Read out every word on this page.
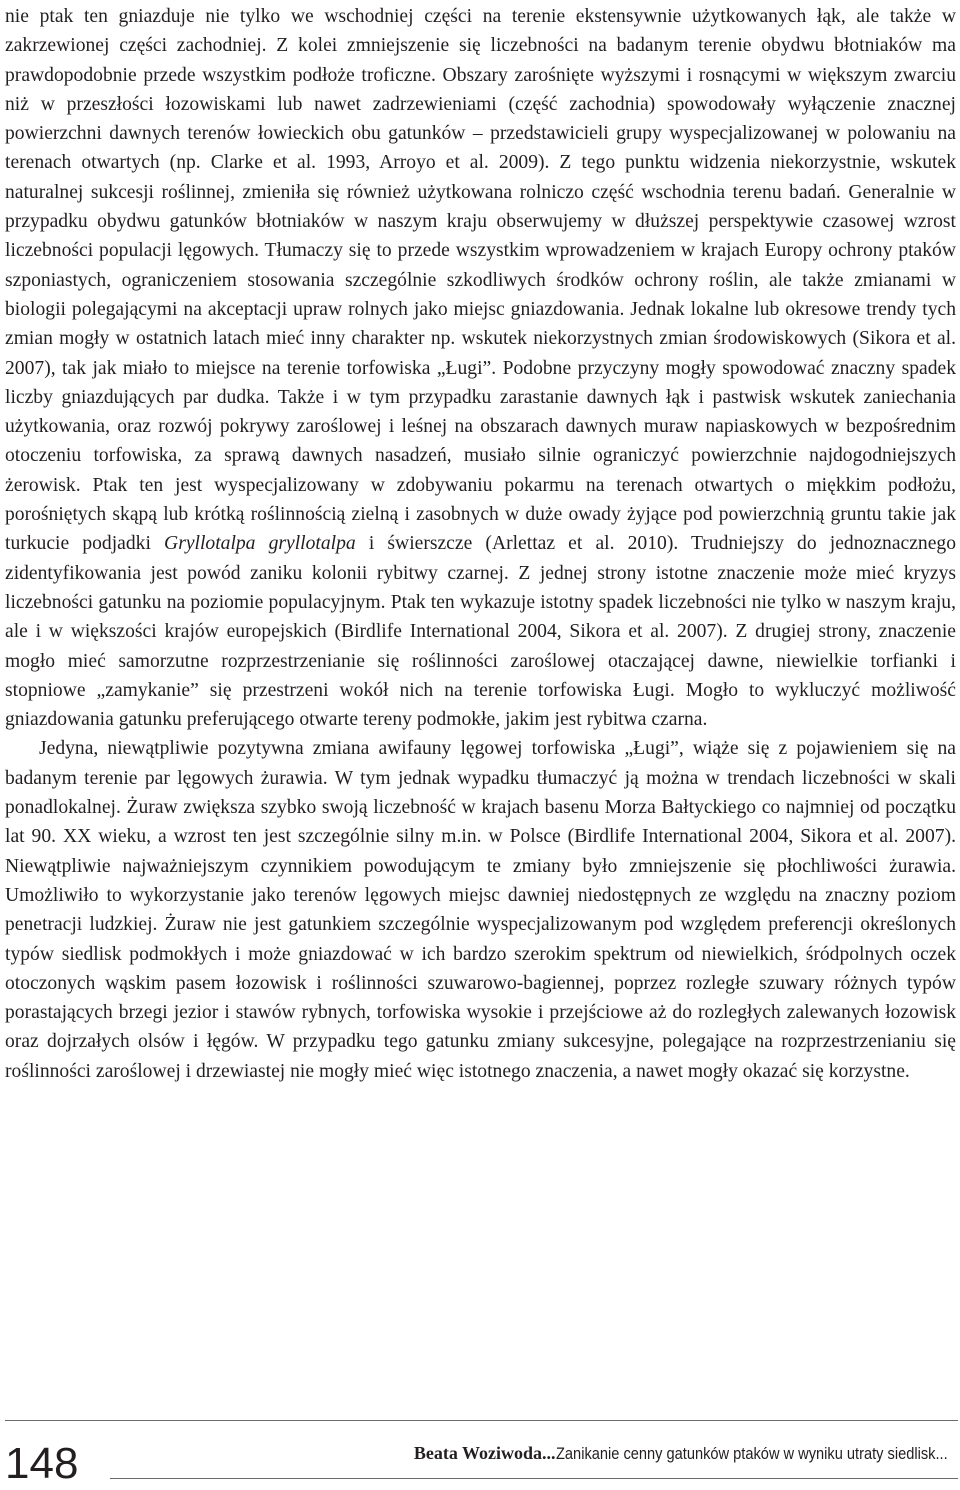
nie ptak ten gniazduje nie tylko we wschodniej części na terenie ekstensywnie użytkowanych łąk, ale także w zakrzewionej części zachodniej. Z kolei zmniejszenie się liczebności na badanym terenie obydwu błotniaków ma prawdopodobnie przede wszystkim podłoże troficzne. Obszary zarośnięte wyższymi i rosnącymi w większym zwarciu niż w przeszłości łozowiskami lub nawet zadrzewieniami (część zachodnia) spowodowały wyłączenie znacznej powierzchni dawnych terenów łowieckich obu gatunków – przedstawicieli grupy wyspecjalizowanej w polowaniu na terenach otwartych (np. Clarke et al. 1993, Arroyo et al. 2009). Z tego punktu widzenia niekorzystnie, wskutek naturalnej sukcesji roślinnej, zmieniła się również użytkowana rolniczo część wschodnia terenu badań. Generalnie w przypadku obydwu gatunków błotniaków w naszym kraju obserwujemy w dłuższej perspektywie czasowej wzrost liczebności populacji lęgowych. Tłumaczy się to przede wszystkim wprowadzeniem w krajach Europy ochrony ptaków szponiastych, ograniczeniem stosowania szczególnie szkodliwych środków ochrony roślin, ale także zmianami w biologii polegającymi na akceptacji upraw rolnych jako miejsc gniazdowania. Jednak lokalne lub okresowe trendy tych zmian mogły w ostatnich latach mieć inny charakter np. wskutek niekorzystnych zmian środowiskowych (Sikora et al. 2007), tak jak miało to miejsce na terenie torfowiska „Ługi”. Podobne przyczyny mogły spowodować znaczny spadek liczby gniazdujących par dudka. Także i w tym przypadku zarastanie dawnych łąk i pastwisk wskutek zaniechania użytkowania, oraz rozwój pokrywy zaroślowej i leśnej na obszarach dawnych muraw napiaskowych w bezpośrednim otoczeniu torfowiska, za sprawą dawnych nasadzeń, musiało silnie ograniczyć powierzchnie najdogodniejszych żerowisk. Ptak ten jest wyspecjalizowany w zdobywaniu pokarmu na terenach otwartych o miękkim podłożu, porośniętych skąpą lub krótką roślinnością zielną i zasobnych w duże owady żyjące pod powierzchnią gruntu takie jak turkucie podjadki Gryllotalpa gryllotalpa i świerszcze (Arlettaz et al. 2010). Trudniejszy do jednoznacznego zidentyfikowania jest powód zaniku kolonii rybitwy czarnej. Z jednej strony istotne znaczenie może mieć kryzys liczebności gatunku na poziomie populacyjnym. Ptak ten wykazuje istotny spadek liczebności nie tylko w naszym kraju, ale i w większości krajów europejskich (Birdlife International 2004, Sikora et al. 2007). Z drugiej strony, znaczenie mogło mieć samorzutne rozprzestrzenianie się roślinności zaroślowej otaczającej dawne, niewielkie torfianki i stopniowe „zamykanie” się przestrzeni wokół nich na terenie torfowiska Ługi. Mogło to wykluczyć możliwość gniazdowania gatunku preferującego otwarte tereny podmokłe, jakim jest rybitwa czarna.

Jedyna, niewątpliwie pozytywna zmiana awifauny lęgowej torfowiska „Ługi”, wiąże się z pojawieniem się na badanym terenie par lęgowych żurawia. W tym jednak wypadku tłumaczyć ją można w trendach liczebności w skali ponadlokalnej. Żuraw zwiększa szybko swoją liczebność w krajach basenu Morza Bałtyckiego co najmniej od początku lat 90. XX wieku, a wzrost ten jest szczególnie silny m.in. w Polsce (Birdlife International 2004, Sikora et al. 2007). Niewątpliwie najważniejszym czynnikiem powodującym te zmiany było zmniejszenie się płochliwości żurawia. Umożliwiło to wykorzystanie jako terenów lęgowych miejsc dawniej niedostępnych ze względu na znaczny poziom penetracji ludzkiej. Żuraw nie jest gatunkiem szczególnie wyspecjalizowanym pod względem preferencji określonych typów siedlisk podmokłych i może gniazdować w ich bardzo szerokim spektrum od niewielkich, śródpolnych oczek otoczonych wąskim pasem łozowisk i roślinności szuwarowo-bagiennej, poprzez rozległe szuwary różnych typów porastających brzegi jezior i stawów rybnych, torfowiska wysokie i przejściowe aż do rozległych zalewanych łozowisk oraz dojrzałych olsów i łęgów. W przypadku tego gatunku zmiany sukcesyjne, polegające na rozprzestrzenianiu się roślinności zaroślowej i drzewiastej nie mogły mieć więc istotnego znaczenia, a nawet mogły okazać się korzystne.

148	Beata Woziwoda...Zanikanie cenny gatunków ptaków w wyniku utraty siedlisk...
